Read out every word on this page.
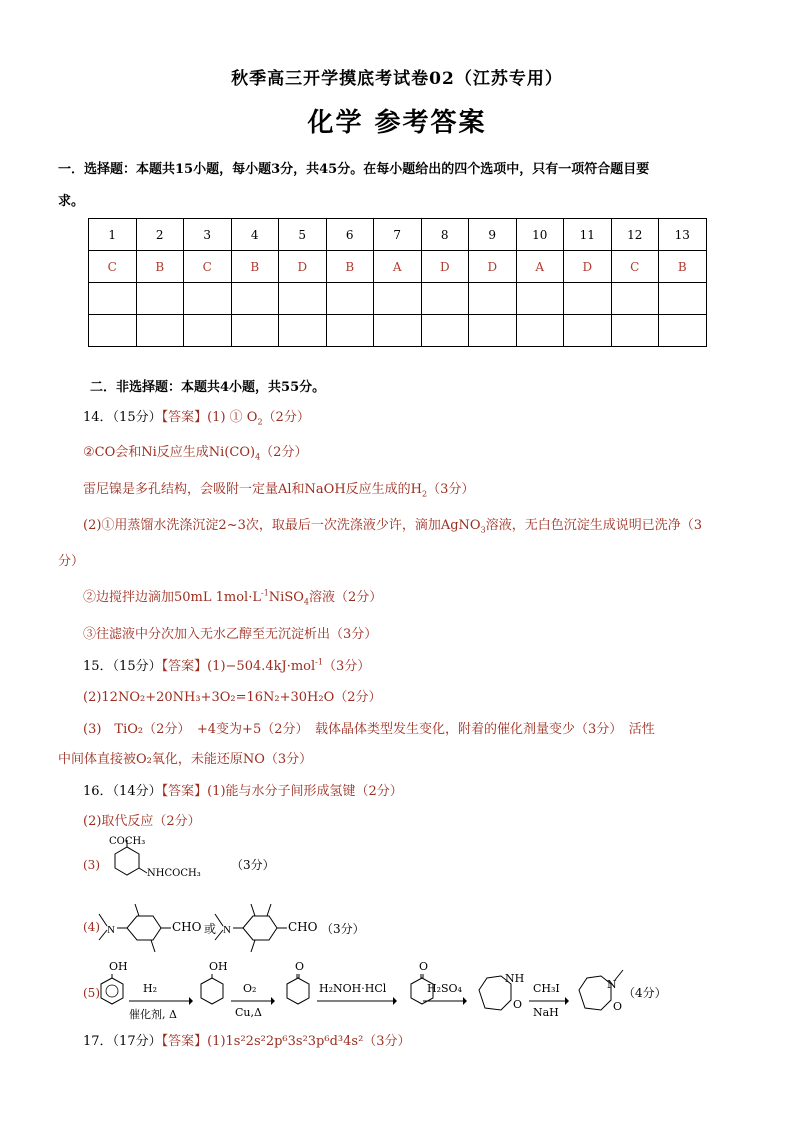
秋季高三开学摸底考试卷02（江苏专用）
化学 参考答案
一．选择题：本题共15小题，每小题3分，共45分。在每小题给出的四个选项中，只有一项符合题目要
求。
1	2	3	4	5	6	7	8	9	10	11	12	13
C	B	C	B	D	B	A	D	D	A	D	C	B

二．非选择题：本题共4小题，共55分。
14．（15分）【答案】(1) ① $O_2(2$分）
②CO会和Ni反应生成$Ni(CO)_4(2$分）
雷尼镍是多孔结构，会吸附一定量Al和NaOH反应生成的$H_2(3$分）
(2)①用蒸馏水洗涤沉淀2~3次，取最后一次洗涤液少许，滴加AgNO$_3$溶液，无白色沉淀生成说明已洗净（3
分）
②边搅拌边滴加50mL $1mol\cdot L^{-1}NiSO_4$溶液（2分）
③往滤液中分次加入无水乙醇至无沉淀析出（3分）
15．（15分）【答案】(1)−504.4kJ·mol$^{-1}$（3分）
(2)12NO₂+20NH₃+3O₂=16N₂+30H₂O（2分）
(3)　TiO₂（2分）　+4变为+5（2分）　载体晶体类型发生变化，附着的催化剂量变少（3分）　活性
中间体直接被O₂氧化，未能还原NO（3分）
16．（14分）【答案】(1)能与水分子间形成氢键（2分）
(2)取代反应（2分）
(3)
COCH₃
NHCOCH₃
（3分）
(4) N	CHO 或 N	CHO （3分）
(5)
OH
H₂
催化剂, Δ
OH
O₂
Cu,Δ
O
H₂NOH·HCl
O
H₂SO₄
NH
O
CH₃I
NaH
N
O
（4分）
17．（17分）【答案】(1)1s²2s²2p⁶3s²3p⁶d³4s²（3分）
